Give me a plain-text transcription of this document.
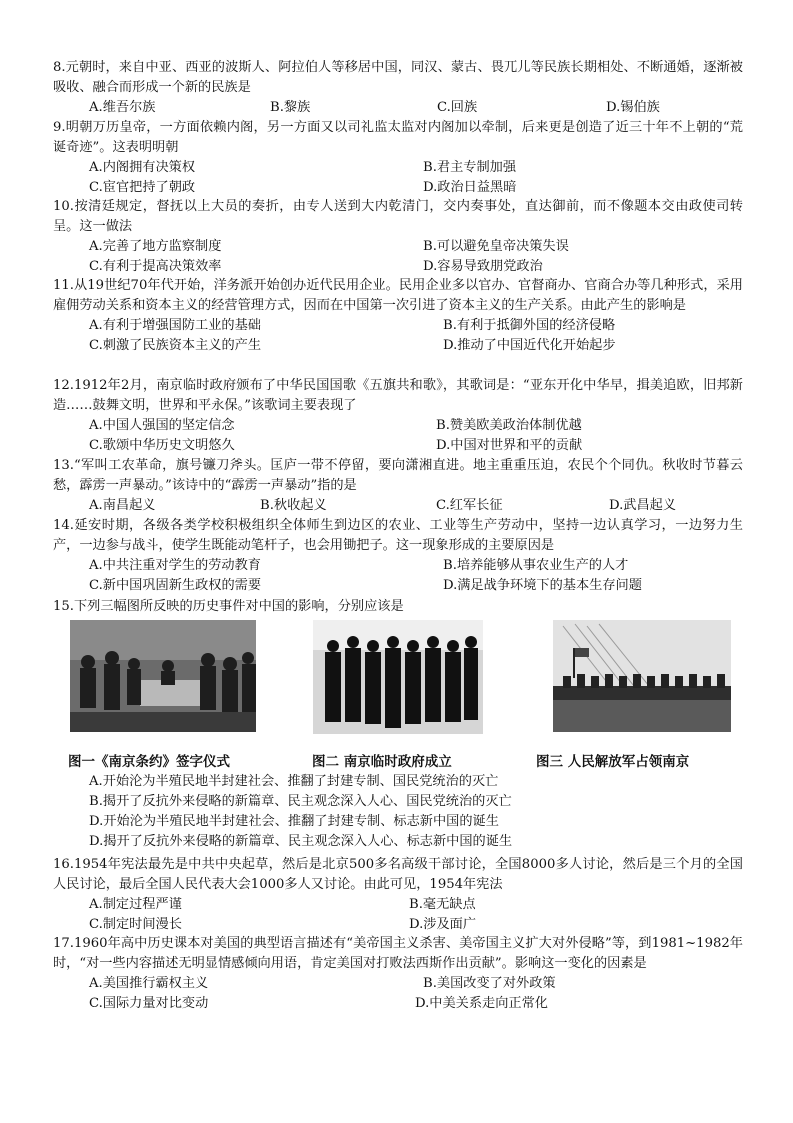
8.元朝时，来自中亚、西亚的波斯人、阿拉伯人等移居中国，同汉、蒙古、畏兀儿等民族长期相处、不断通婚，逐渐被吸收、融合而形成一个新的民族是

A.维吾尔族	B.黎族	C.回族	D.锡伯族

9.明朝万历皇帝，一方面依赖内阁，另一方面又以司礼监太监对内阁加以牵制，后来更是创造了近三十年不上朝的“荒诞奇迹”。这表明明朝

A.内阁拥有决策权	B.君主专制加强
C.宦官把持了朝政	D.政治日益黑暗

10.按清廷规定，督抚以上大员的奏折，由专人送到大内乾清门，交内奏事处，直达御前，而不像题本交由政使司转呈。这一做法

A.完善了地方监察制度	B.可以避免皇帝决策失误
C.有利于提高决策效率	D.容易导致朋党政治

11.从19世纪70年代开始，洋务派开始创办近代民用企业。民用企业多以官办、官督商办、官商合办等几种形式，采用雇佣劳动关系和资本主义的经营管理方式，因而在中国第一次引进了资本主义的生产关系。由此产生的影响是

A.有利于增强国防工业的基础	B.有利于抵御外国的经济侵略
C.刺激了民族资本主义的产生	D.推动了中国近代化开始起步

12.1912年2月，南京临时政府颁布了中华民国国歌《五旗共和歌》，其歌词是：“亚东开化中华早，揖美追欧，旧邦新造……鼓舞文明，世界和平永保。”该歌词主要表现了

A.中国人强国的坚定信念	B.赞美欧美政治体制优越
C.歌颂中华历史文明悠久	D.中国对世界和平的贡献

13.“军叫工农革命，旗号镰刀斧头。匡庐一带不停留，要向潇湘直进。地主重重压迫，农民个个同仇。秋收时节暮云愁，霹雳一声暴动。”该诗中的“霹雳一声暴动”指的是

A.南昌起义	B.秋收起义	C.红军长征	D.武昌起义

14.延安时期，各级各类学校积极组织全体师生到边区的农业、工业等生产劳动中，坚持一边认真学习，一边努力生产，一边参与战斗，使学生既能动笔杆子，也会用锄把子。这一现象形成的主要原因是

A.中共注重对学生的劳动教育	B.培养能够从事农业生产的人才
C.新中国巩固新生政权的需要	D.满足战争环境下的基本生存问题

15.下列三幅图所反映的历史事件对中国的影响，分别应该是

图一《南京条约》签字仪式	图二 南京临时政府成立	图三 人民解放军占领南京
A.开始沦为半殖民地半封建社会、推翻了封建专制、国民党统治的灭亡
B.揭开了反抗外来侵略的新篇章、民主观念深入人心、国民党统治的灭亡
D.开始沦为半殖民地半封建社会、推翻了封建专制、标志新中国的诞生
D.揭开了反抗外来侵略的新篇章、民主观念深入人心、标志新中国的诞生

16.1954年宪法最先是中共中央起草，然后是北京500多名高级干部讨论，全国8000多人讨论，然后是三个月的全国人民讨论，最后全国人民代表大会1000多人又讨论。由此可见，1954年宪法

A.制定过程严谨	B.毫无缺点
C.制定时间漫长	D.涉及面广

17.1960年高中历史课本对美国的典型语言描述有“美帝国主义杀害、美帝国主义扩大对外侵略”等，到1981~1982年时，“对一些内容描述无明显情感倾向用语，肯定美国对打败法西斯作出贡献”。影响这一变化的因素是

A.美国推行霸权主义	B.美国改变了对外政策
C.国际力量对比变动	D.中美关系走向正常化
